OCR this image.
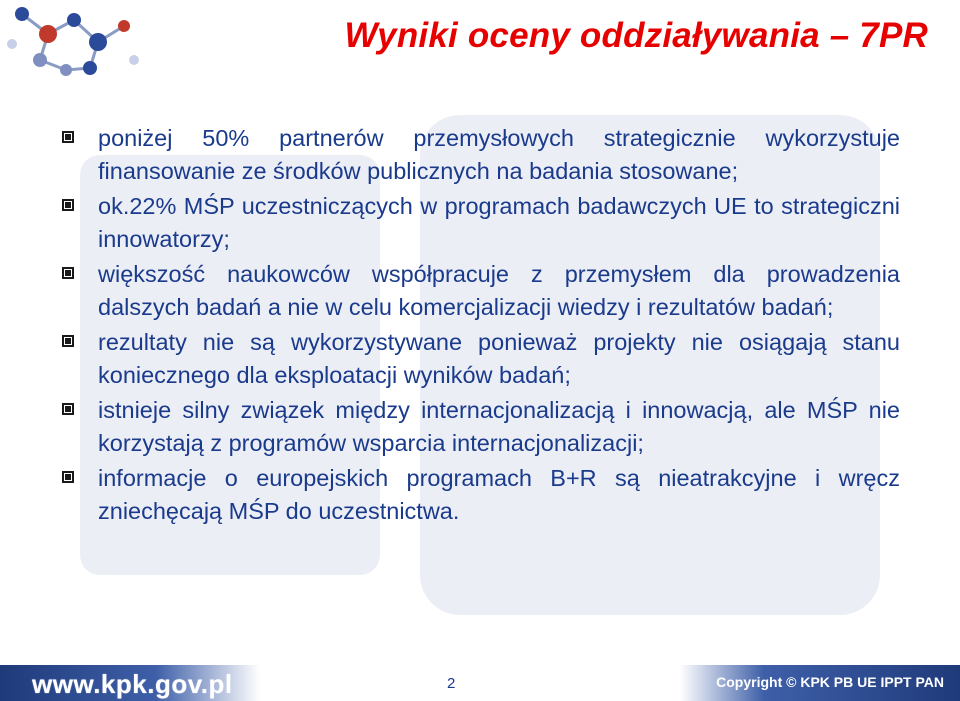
Wyniki oceny oddziaływania – 7PR
poniżej 50% partnerów przemysłowych strategicznie wykorzystuje finansowanie ze środków publicznych na badania stosowane;
ok.22% MŚP uczestniczących w programach badawczych UE to strategiczni innowatorzy;
większość naukowców współpracuje z przemysłem dla prowadzenia dalszych badań a nie w celu komercjalizacji wiedzy i rezultatów badań;
rezultaty nie są wykorzystywane ponieważ projekty nie osiągają stanu koniecznego dla eksploatacji wyników badań;
istnieje silny związek między internacjonalizacją i innowacją, ale MŚP nie korzystają z programów wsparcia internacjonalizacji;
informacje o europejskich programach B+R są nieatrakcyjne i wręcz zniechęcają MŚP do uczestnictwa.
www.kpk.gov.pl	2	Copyright © KPK PB UE IPPT PAN
